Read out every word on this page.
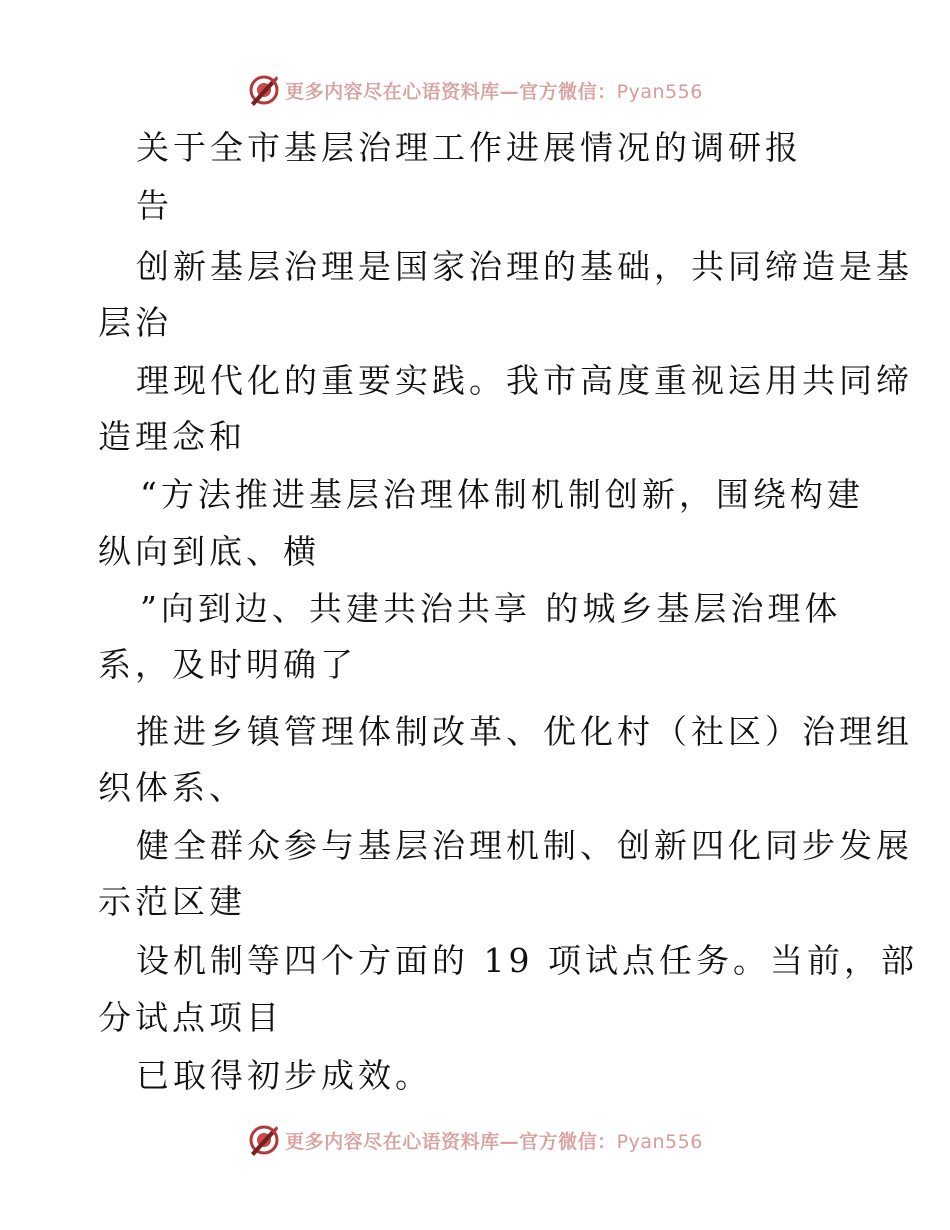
更多内容尽在心语资料库—官方微信：Pyan556
关于全市基层治理工作进展情况的调研报
告
创新基层治理是国家治理的基础，共同缔造是基
层治
理现代化的重要实践。我市高度重视运用共同缔
造理念和
“方法推进基层治理体制机制创新，围绕构建
纵向到底、横
”向到边、共建共治共享 的城乡基层治理体
系，及时明确了
推进乡镇管理体制改革、优化村（社区）治理组
织体系、
健全群众参与基层治理机制、创新四化同步发展
示范区建
设机制等四个方面的 19 项试点任务。当前，部
分试点项目
已取得初步成效。
更多内容尽在心语资料库—官方微信：Pyan556
